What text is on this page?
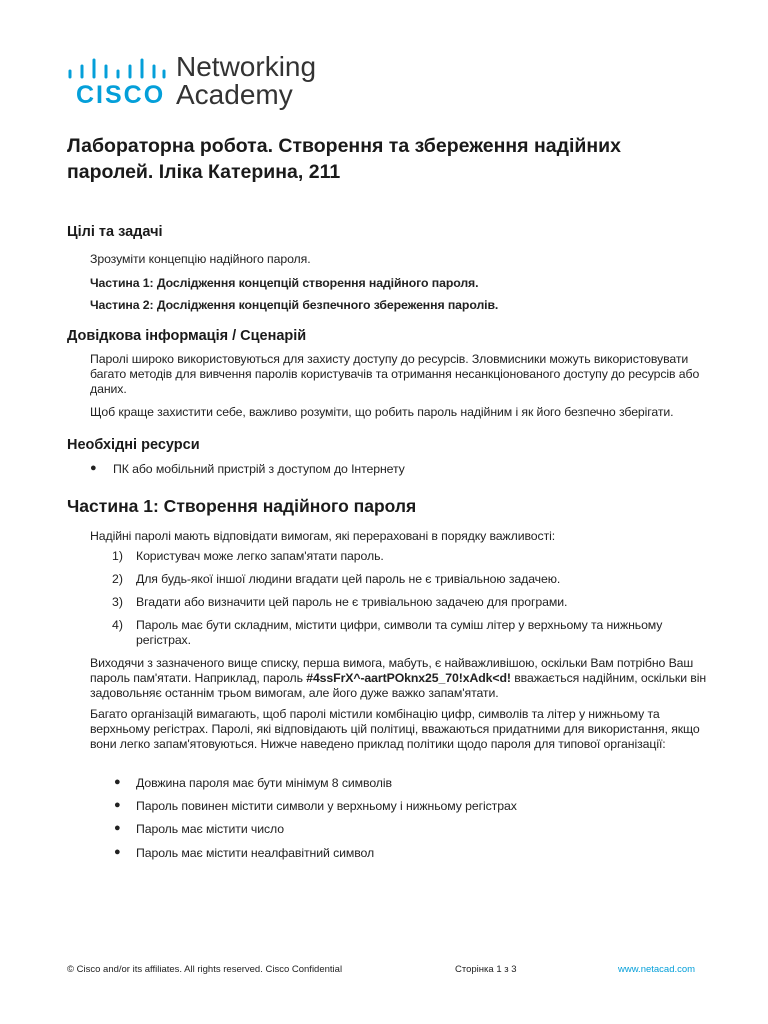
CISCO
Networking
Academy
Лабораторна робота. Створення та збереження надійних паролей. Іліка Катерина, 211
Цілі та задачі

Зрозуміти концепцію надійного пароля.

Частина 1: Дослідження концепцій створення надійного пароля.

Частина 2: Дослідження концепцій безпечного збереження паролів.

Довідкова інформація / Сценарій

Паролі широко використовуються для захисту доступу до ресурсів. Зловмисники можуть використовувати багато методів для вивчення паролів користувачів та отримання несанкціонованого доступу до ресурсів або даних.

Щоб краще захистити себе, важливо розуміти, що робить пароль надійним і як його безпечно зберігати.

Необхідні ресурси
● ПК або мобільний пристрій з доступом до Інтернету

Частина 1: Створення надійного пароля

Надійні паролі мають відповідати вимогам, які перераховані в порядку важливості:

1) Користувач може легко запам'ятати пароль.
2) Для будь-якої іншої людини вгадати цей пароль не є тривіальною задачею.
3) Вгадати або визначити цей пароль не є тривіальною задачею для програми.
4) Пароль має бути складним, містити цифри, символи та суміш літер у верхньому та нижньому регістрах.

Виходячи з зазначеного вище списку, перша вимога, мабуть, є найважливішою, оскільки Вам потрібно Ваш пароль пам'ятати. Наприклад, пароль #4ssFrX^-aartPOknx25_70!xAdk<d! вважається надійним, оскільки він задовольняє останнім трьом вимогам, але його дуже важко запам'ятати.

Багато організацій вимагають, щоб паролі містили комбінацію цифр, символів та літер у нижньому та верхньому регістрах. Паролі, які відповідають цій політиці, вважаються придатними для використання, якщо вони легко запам'ятовуються. Нижче наведено приклад політики щодо пароля для типової організації:

● Довжина пароля має бути мінімум 8 символів
● Пароль повинен містити символи у верхньому і нижньому регістрах
● Пароль має містити число
● Пароль має містити неалфавітний символ
© Cisco and/or its affiliates. All rights reserved. Cisco Confidential	Сторінка 1 з 3	www.netacad.com
